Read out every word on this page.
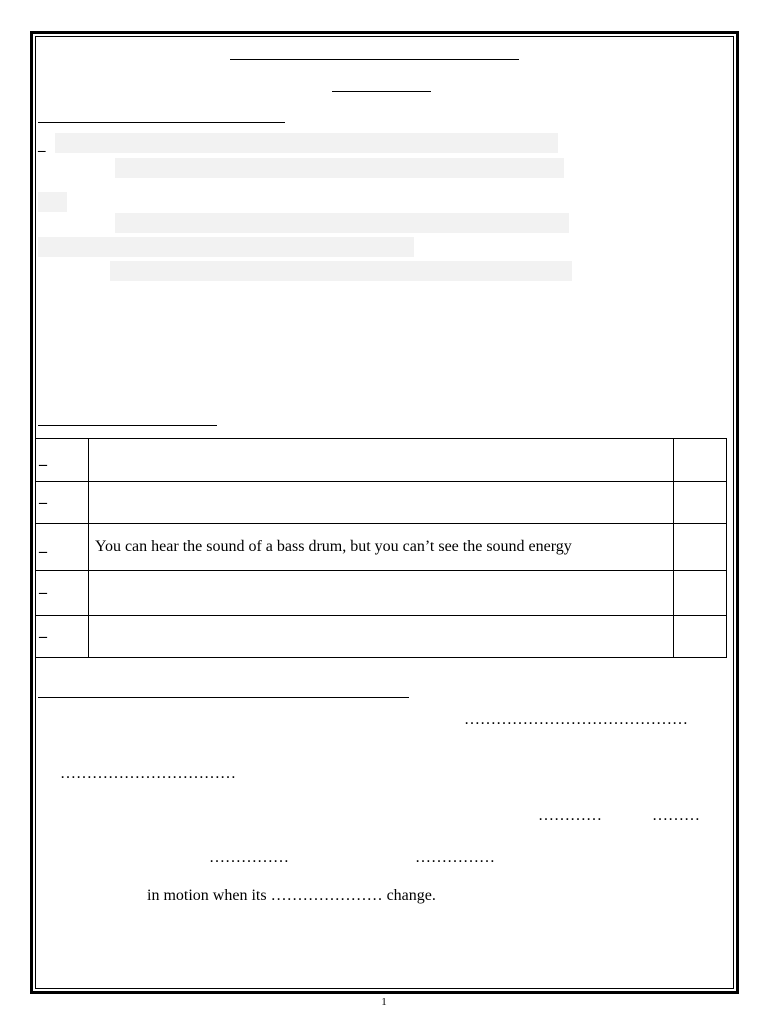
_
_		
–		
_	You can hear the sound of a bass drum, but you can’t see the sound energy	
–		
–		
……………………………………
……………………………
…………	………
……………	……………
in motion when its ………………… change.
1
